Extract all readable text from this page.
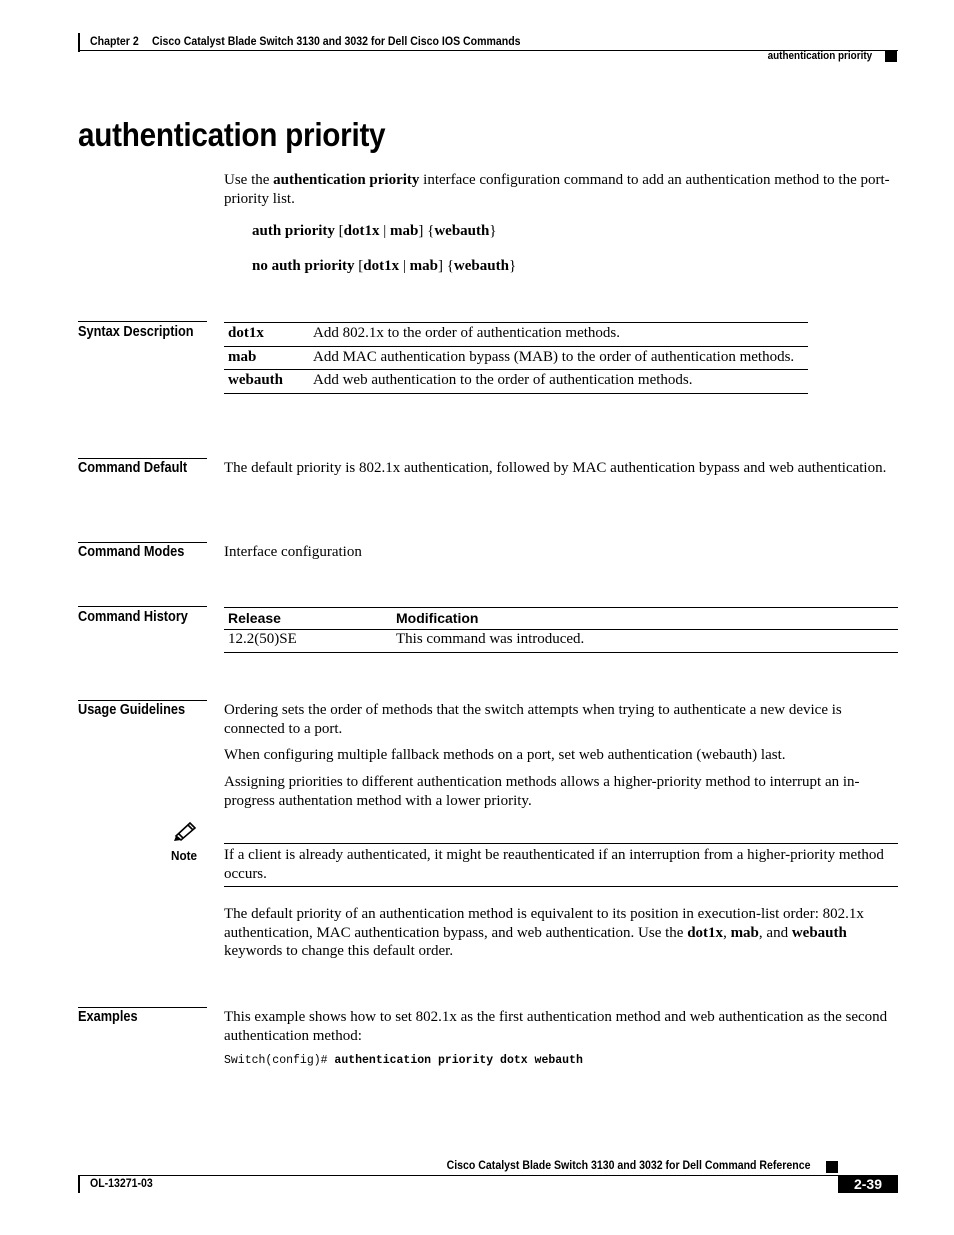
Chapter 2 Cisco Catalyst Blade Switch 3130 and 3032 for Dell Cisco IOS Commands
authentication priority
authentication priority
Use the authentication priority interface configuration command to add an authentication method to the port-priority list.
auth priority [dot1x | mab] {webauth}
no auth priority [dot1x | mab] {webauth}
Syntax Description dot1x	Add 802.1x to the order of authentication methods.
mab	Add MAC authentication bypass (MAB) to the order of authentication methods.
webauth	Add web authentication to the order of authentication methods.
Command Default The default priority is 802.1x authentication, followed by MAC authentication bypass and web authentication.
Command Modes	Interface configuration
Command History	Release	Modification
12.2(50)SE	This command was introduced.
Usage Guidelines	Ordering sets the order of methods that the switch attempts when trying to authenticate a new device is connected to a port.
When configuring multiple fallback methods on a port, set web authentication (webauth) last.
Assigning priorities to different authentication methods allows a higher-priority method to interrupt an in-progress authentation method with a lower priority.
Note If a client is already authenticated, it might be reauthenticated if an interruption from a higher-priority method occurs.
The default priority of an authentication method is equivalent to its position in execution-list order: 802.1x authentication, MAC authentication bypass, and web authentication. Use the dot1x, mab, and webauth keywords to change this default order.
Examples	This example shows how to set 802.1x as the first authentication method and web authentication as the second authentication method:
Switch(config)# authentication priority dotx webauth
Cisco Catalyst Blade Switch 3130 and 3032 for Dell Command Reference
OL-13271-03	2-39
